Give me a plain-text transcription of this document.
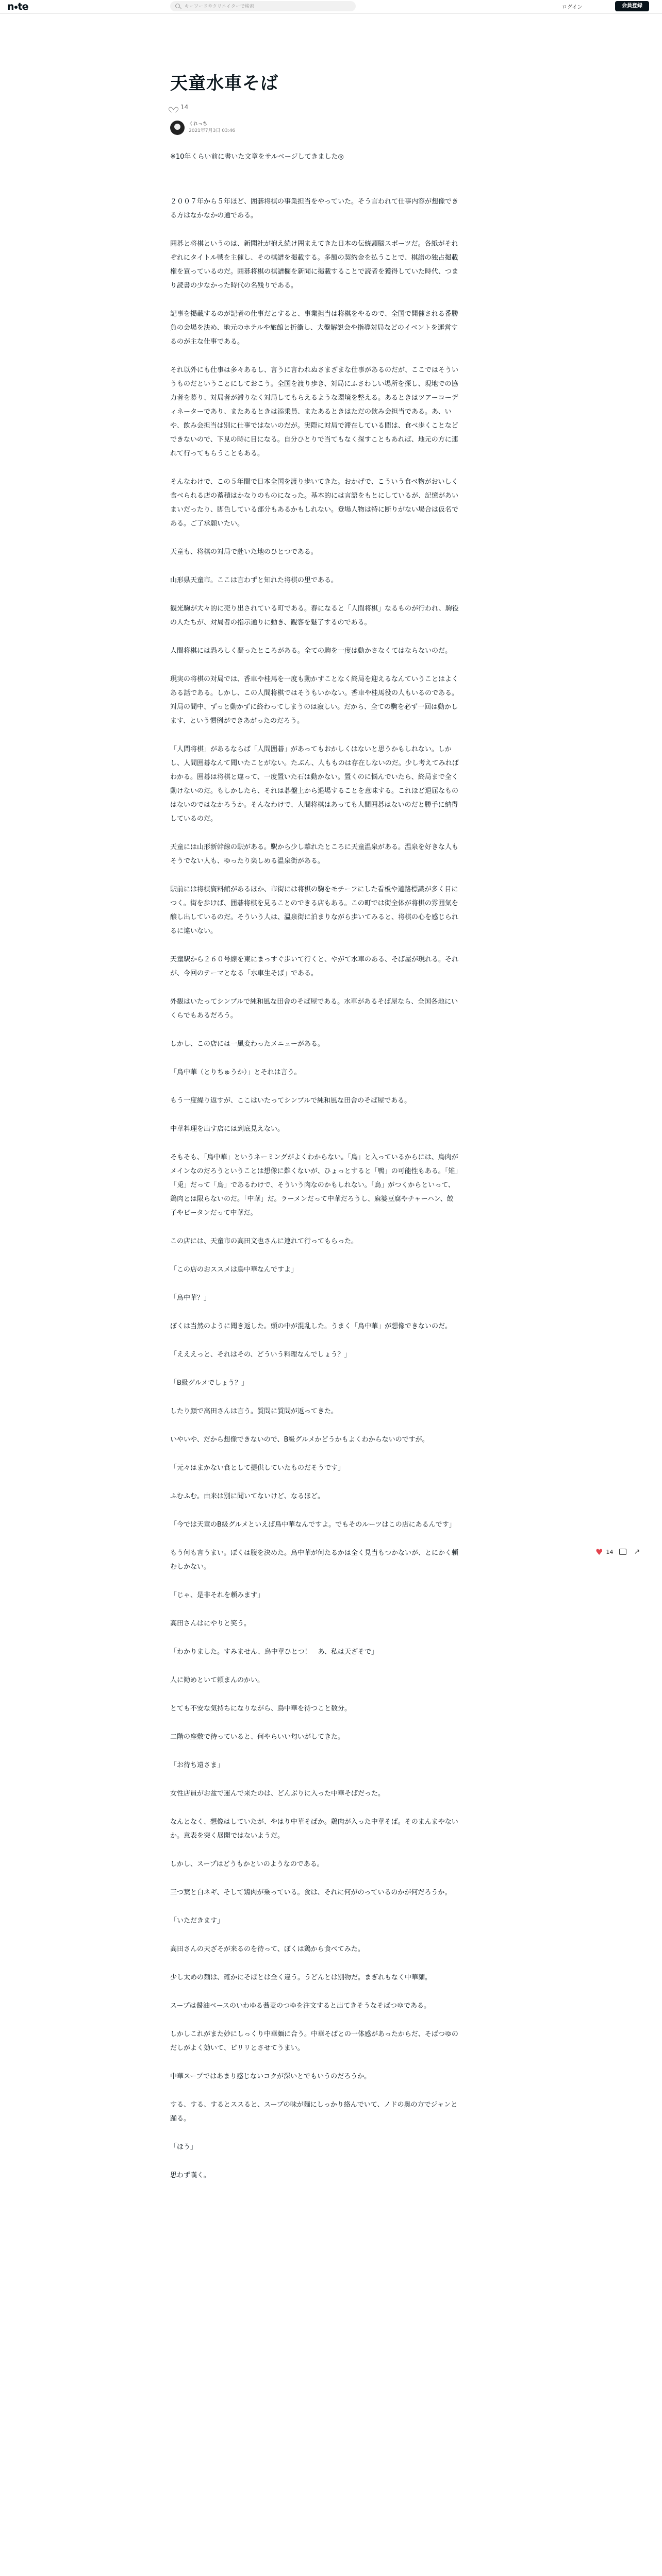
n te
キーワードやクリエイターで検索	ログイン	会員登録
天童水車そば
14
くれっち
2021年7月3日 03:46
※10年くらい前に書いた文章をサルベージしてきました◎

２００７年から５年ほど、囲碁将棋の事業担当をやっていた。そう言われて仕事内容が想像できる方はなかなかの通である。

囲碁と将棋というのは、新聞社が抱え続け囲まえてきた日本の伝統頭脳スポーツだ。各紙がそれぞれにタイトル戦を主催し、その棋譜を掲載する。多額の契約金を払うことで、棋譜の独占掲載権を買っているのだ。囲碁将棋の棋譜欄を新聞に掲載することで読者を獲得していた時代、つまり読書の少なかった時代の名残りである。

記事を掲載するのが記者の仕事だとすると、事業担当は将棋をやるので、全国で開催される番勝負の会場を決め、地元のホテルや旅館と折衝し、大盤解説会や指導対局などのイベントを運営するのが主な仕事である。

それ以外にも仕事は多々あるし、言うに言われぬさまざまな仕事があるのだが、ここではそういうものだということにしておこう。全国を渡り歩き、対局にふさわしい場所を探し、現地での協力者を募り、対局者が滞りなく対局してもらえるような環境を整える。あるときはツアーコーディネーターであり、またあるときは添乗員、またあるときはただの飲み会担当である。あ、いや、飲み会担当は別に仕事ではないのだが。実際に対局で滞在している間は、食べ歩くことなどできないので、下見の時に目になる。自分ひとりで当てもなく探すこともあれば、地元の方に連れて行ってもらうこともある。

そんなわけで、この５年間で日本全国を渡り歩いてきた。おかげで、こういう食べ物がおいしく食べられる店の蓄積はかなりのものになった。基本的には言語をもとにしているが、記憶があいまいだったり、脚色している部分もあるかもしれない。登場人物は特に断りがない場合は仮名である。ご了承願いたい。

天童も、将棋の対局で赴いた地のひとつである。

山形県天童市。ここは言わずと知れた将棋の里である。

観光駒が大々的に売り出されている町である。春になると「人間将棋」なるものが行われ、駒役の人たちが、対局者の指示通りに動き、観客を魅了するのである。

人間将棋には恐ろしく凝ったところがある。全ての駒を一度は動かさなくてはならないのだ。

現実の将棋の対局では、香車や桂馬を一度も動かすことなく終局を迎えるなんていうことはよくある話である。しかし、この人間将棋ではそうもいかない。香車や桂馬役の人もいるのである。対局の間中、ずっと動かずに終わってしまうのは寂しい。だから、全ての駒を必ず一回は動かします、という慣例ができあがったのだろう。

「人間将棋」があるならば「人間囲碁」があってもおかしくはないと思うかもしれない。しかし、人間囲碁なんて聞いたことがない。たぶん、人もものは存在しないのだ。少し考えてみればわかる。囲碁は将棋と違って、一度置いた石は動かない。置くのに悩んでいたら、終局まで全く動けないのだ。もしかしたら、それは碁盤上から退場することを意味する。これほど退屈なものはないのではなかろうか。そんなわけで、人間将棋はあっても人間囲碁はないのだと勝手に納得しているのだ。

天童には山形新幹線の駅がある。駅から少し離れたところに天童温泉がある。温泉を好きな人もそうでない人も、ゆったり楽しめる温泉街がある。

駅前には将棋資料館があるほか、市街には将棋の駒をモチーフにした看板や道路標識が多く目につく。街を歩けば、囲碁将棋を見ることのできる店もある。この町では街全体が将棋の雰囲気を醸し出しているのだ。そういう人は、温泉街に泊まりながら歩いてみると、将棋の心を感じられるに違いない。

天童駅から２６０号線を東にまっすぐ歩いて行くと、やがて水車のある、そば屋が現れる。それが、今回のテーマとなる「水車生そば」である。

外観はいたってシンプルで純和風な田舎のそば屋である。水車があるそば屋なら、全国各地にいくらでもあるだろう。

しかし、この店には一風変わったメニューがある。

「鳥中華（とりちゅうか）」とそれは言う。

もう一度繰り返すが、ここはいたってシンプルで純和風な田舎のそば屋である。

中華料理を出す店には到底見えない。

そもそも、「鳥中華」というネーミングがよくわからない。「鳥」と入っているからには、鳥肉がメインなのだろうということは想像に難くないが、ひょっとすると「鴨」の可能性もある。「雉」「兎」だって「鳥」であるわけで、そういう肉なのかもしれない。「鳥」がつくからといって、鶏肉とは限らないのだ。「中華」だ。ラーメンだって中華だろうし、麻婆豆腐やチャーハン、餃子やビータンだって中華だ。

この店には、天童市の高田文也さんに連れて行ってもらった。

「この店のおススメは鳥中華なんですよ」

「鳥中華？」

ぼくは当然のように聞き返した。頭の中が混乱した。うまく「鳥中華」が想像できないのだ。

「えええっと、それはその、どういう料理なんでしょう？」

「B級グルメでしょう？」

したり顔で高田さんは言う。質問に質問が返ってきた。

いやいや、だから想像できないので、B級グルメかどうかもよくわからないのですが。

「元々はまかない食として提供していたものだそうです」

ふむふむ。由来は別に聞いてないけど、なるほど。

「今では天童のB級グルメといえば鳥中華なんですよ。でもそのルーツはこの店にあるんです」

もう何も言うまい。ぼくは腹を決めた。鳥中華が何たるかは全く見当もつかないが、とにかく頼むしかない。

「じゃ、是非それを頼みます」

高田さんはにやりと笑う。

「わかりました。すみません、鳥中華ひとつ！　あ、私は天ざそで」

人に勧めといて頼まんのかい。

とても不安な気持ちになりながら、鳥中華を待つこと数分。

二階の座敷で待っていると、何やらいい匂いがしてきた。

「お待ち遠さま」

女性店員がお盆で運んで来たのは、どんぶりに入った中華そばだった。

なんとなく、想像はしていたが、やはり中華そばか。鶏肉が入った中華そば。そのまんまやないか。意表を突く展開ではないようだ。

しかし、スープはどうもかといのようなのである。

三つ葉と白ネギ、そして鶏肉が乗っている。食は、それに何がのっているのかが何だろうか。

「いただきます」

高田さんの天ざそが来るのを待って、ぼくは鶏から食べてみた。

少し太めの麺は、確かにそばとは全く違う。うどんとは別物だ。まぎれもなく中華麺。

スープは醤油ベースのいわゆる蕎麦のつゆを注文すると出てきそうなそばつゆである。

しかしこれがまた妙にしっくり中華麺に合う。中華そばとの一体感があったからだ、そばつゆのだしがよく効いて、ピリリとさせてうまい。

中華スープではあまり感じないコクが深いとでもいうのだろうか。

する、する、するとススると、スープの味が麺にしっかり絡んでいて、ノドの奥の方でジャンと踊る。

「ほう」

思わず嘆く。

♥ 14	↗
